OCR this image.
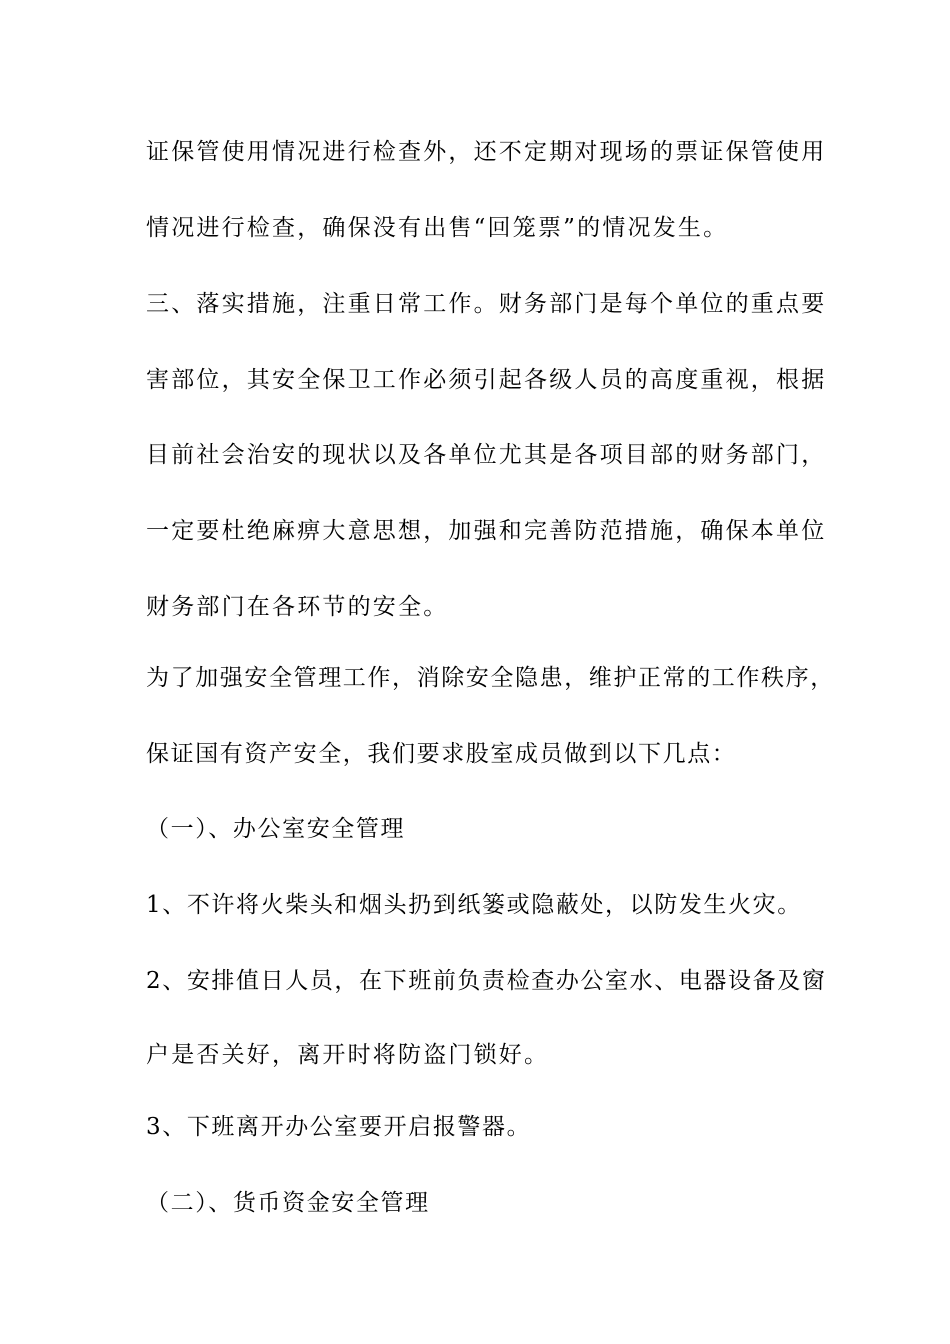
证保管使用情况进行检查外，还不定期对现场的票证保管使用

情况进行检查，确保没有出售“回笼票”的情况发生。

三、落实措施，注重日常工作。财务部门是每个单位的重点要

害部位，其安全保卫工作必须引起各级人员的高度重视，根据

目前社会治安的现状以及各单位尤其是各项目部的财务部门，

一定要杜绝麻痹大意思想，加强和完善防范措施，确保本单位

财务部门在各环节的安全。

为了加强安全管理工作，消除安全隐患，维护正常的工作秩序，

保证国有资产安全，我们要求股室成员做到以下几点：

（一）、办公室安全管理

1、不许将火柴头和烟头扔到纸篓或隐蔽处，以防发生火灾。

2、安排值日人员，在下班前负责检查办公室水、电器设备及窗

户是否关好，离开时将防盗门锁好。

3、下班离开办公室要开启报警器。

（二）、货币资金安全管理
